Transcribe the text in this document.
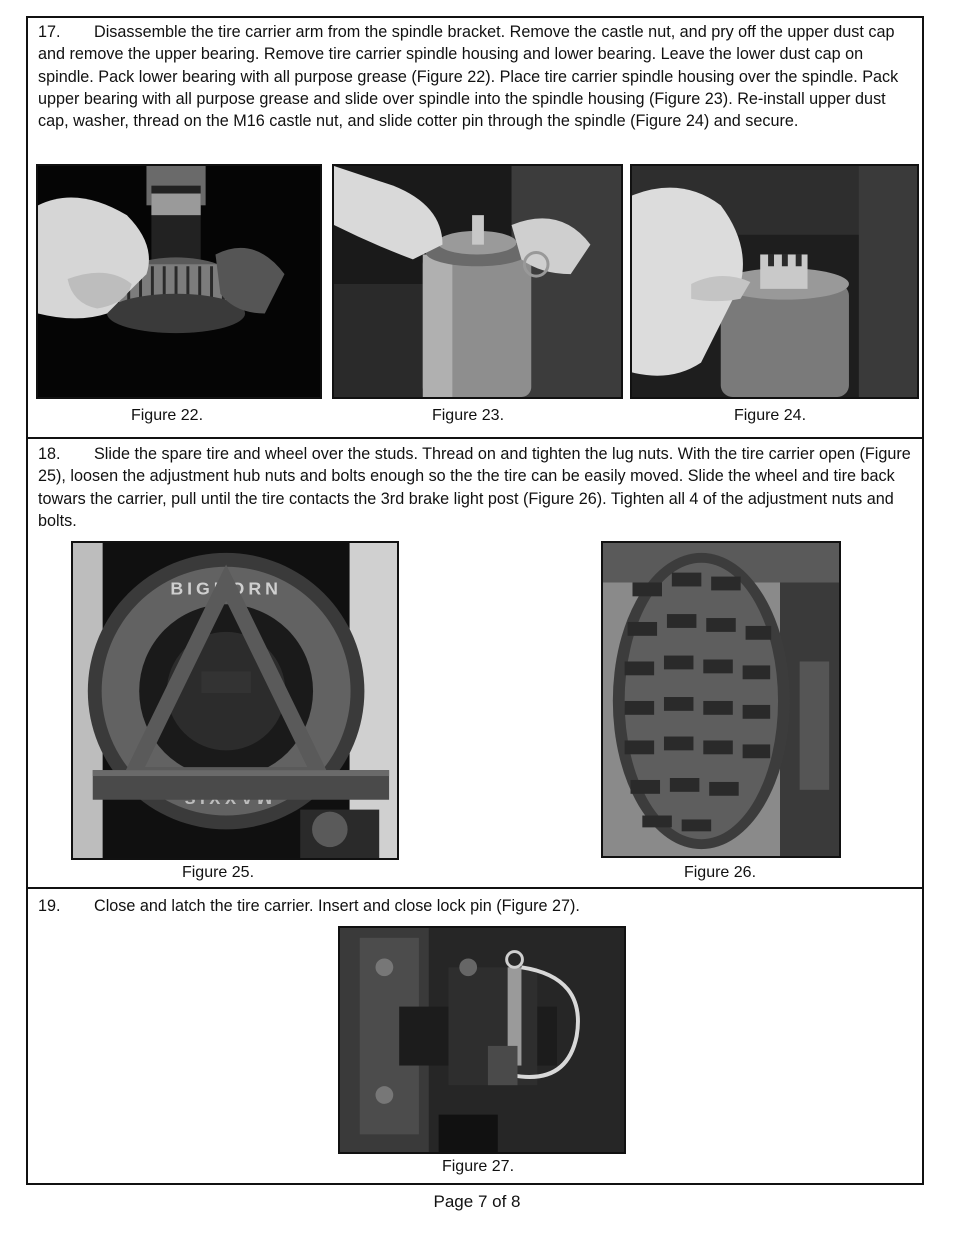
17. Disassemble the tire carrier arm from the spindle bracket. Remove the castle nut, and pry off the upper dust cap and remove the upper bearing. Remove tire carrier spindle housing and lower bearing. Leave the lower dust cap on spindle. Pack lower bearing with all purpose grease (Figure 22). Place tire carrier spindle housing over the spindle. Pack upper bearing with all purpose grease and slide over spindle into the spindle housing (Figure 23). Re-install upper dust cap, washer, thread on the M16 castle nut, and slide cotter pin through the spindle (Figure 24) and secure.

Figure 22.	Figure 23.	Figure 24.

18. Slide the spare tire and wheel over the studs. Thread on and tighten the lug nuts. With the tire carrier open (Figure 25), loosen the adjustment hub nuts and bolts enough so the the tire can be easily moved. Slide the wheel and tire back towars the carrier, pull until the tire contacts the 3rd brake light post (Figure 26). Tighten all 4 of the adjustment nuts and bolts.

BIGHORN
Figure 25.	Figure 26.

19. Close and latch the tire carrier. Insert and close lock pin (Figure 27).

Figure 27.
Page 7 of 8
